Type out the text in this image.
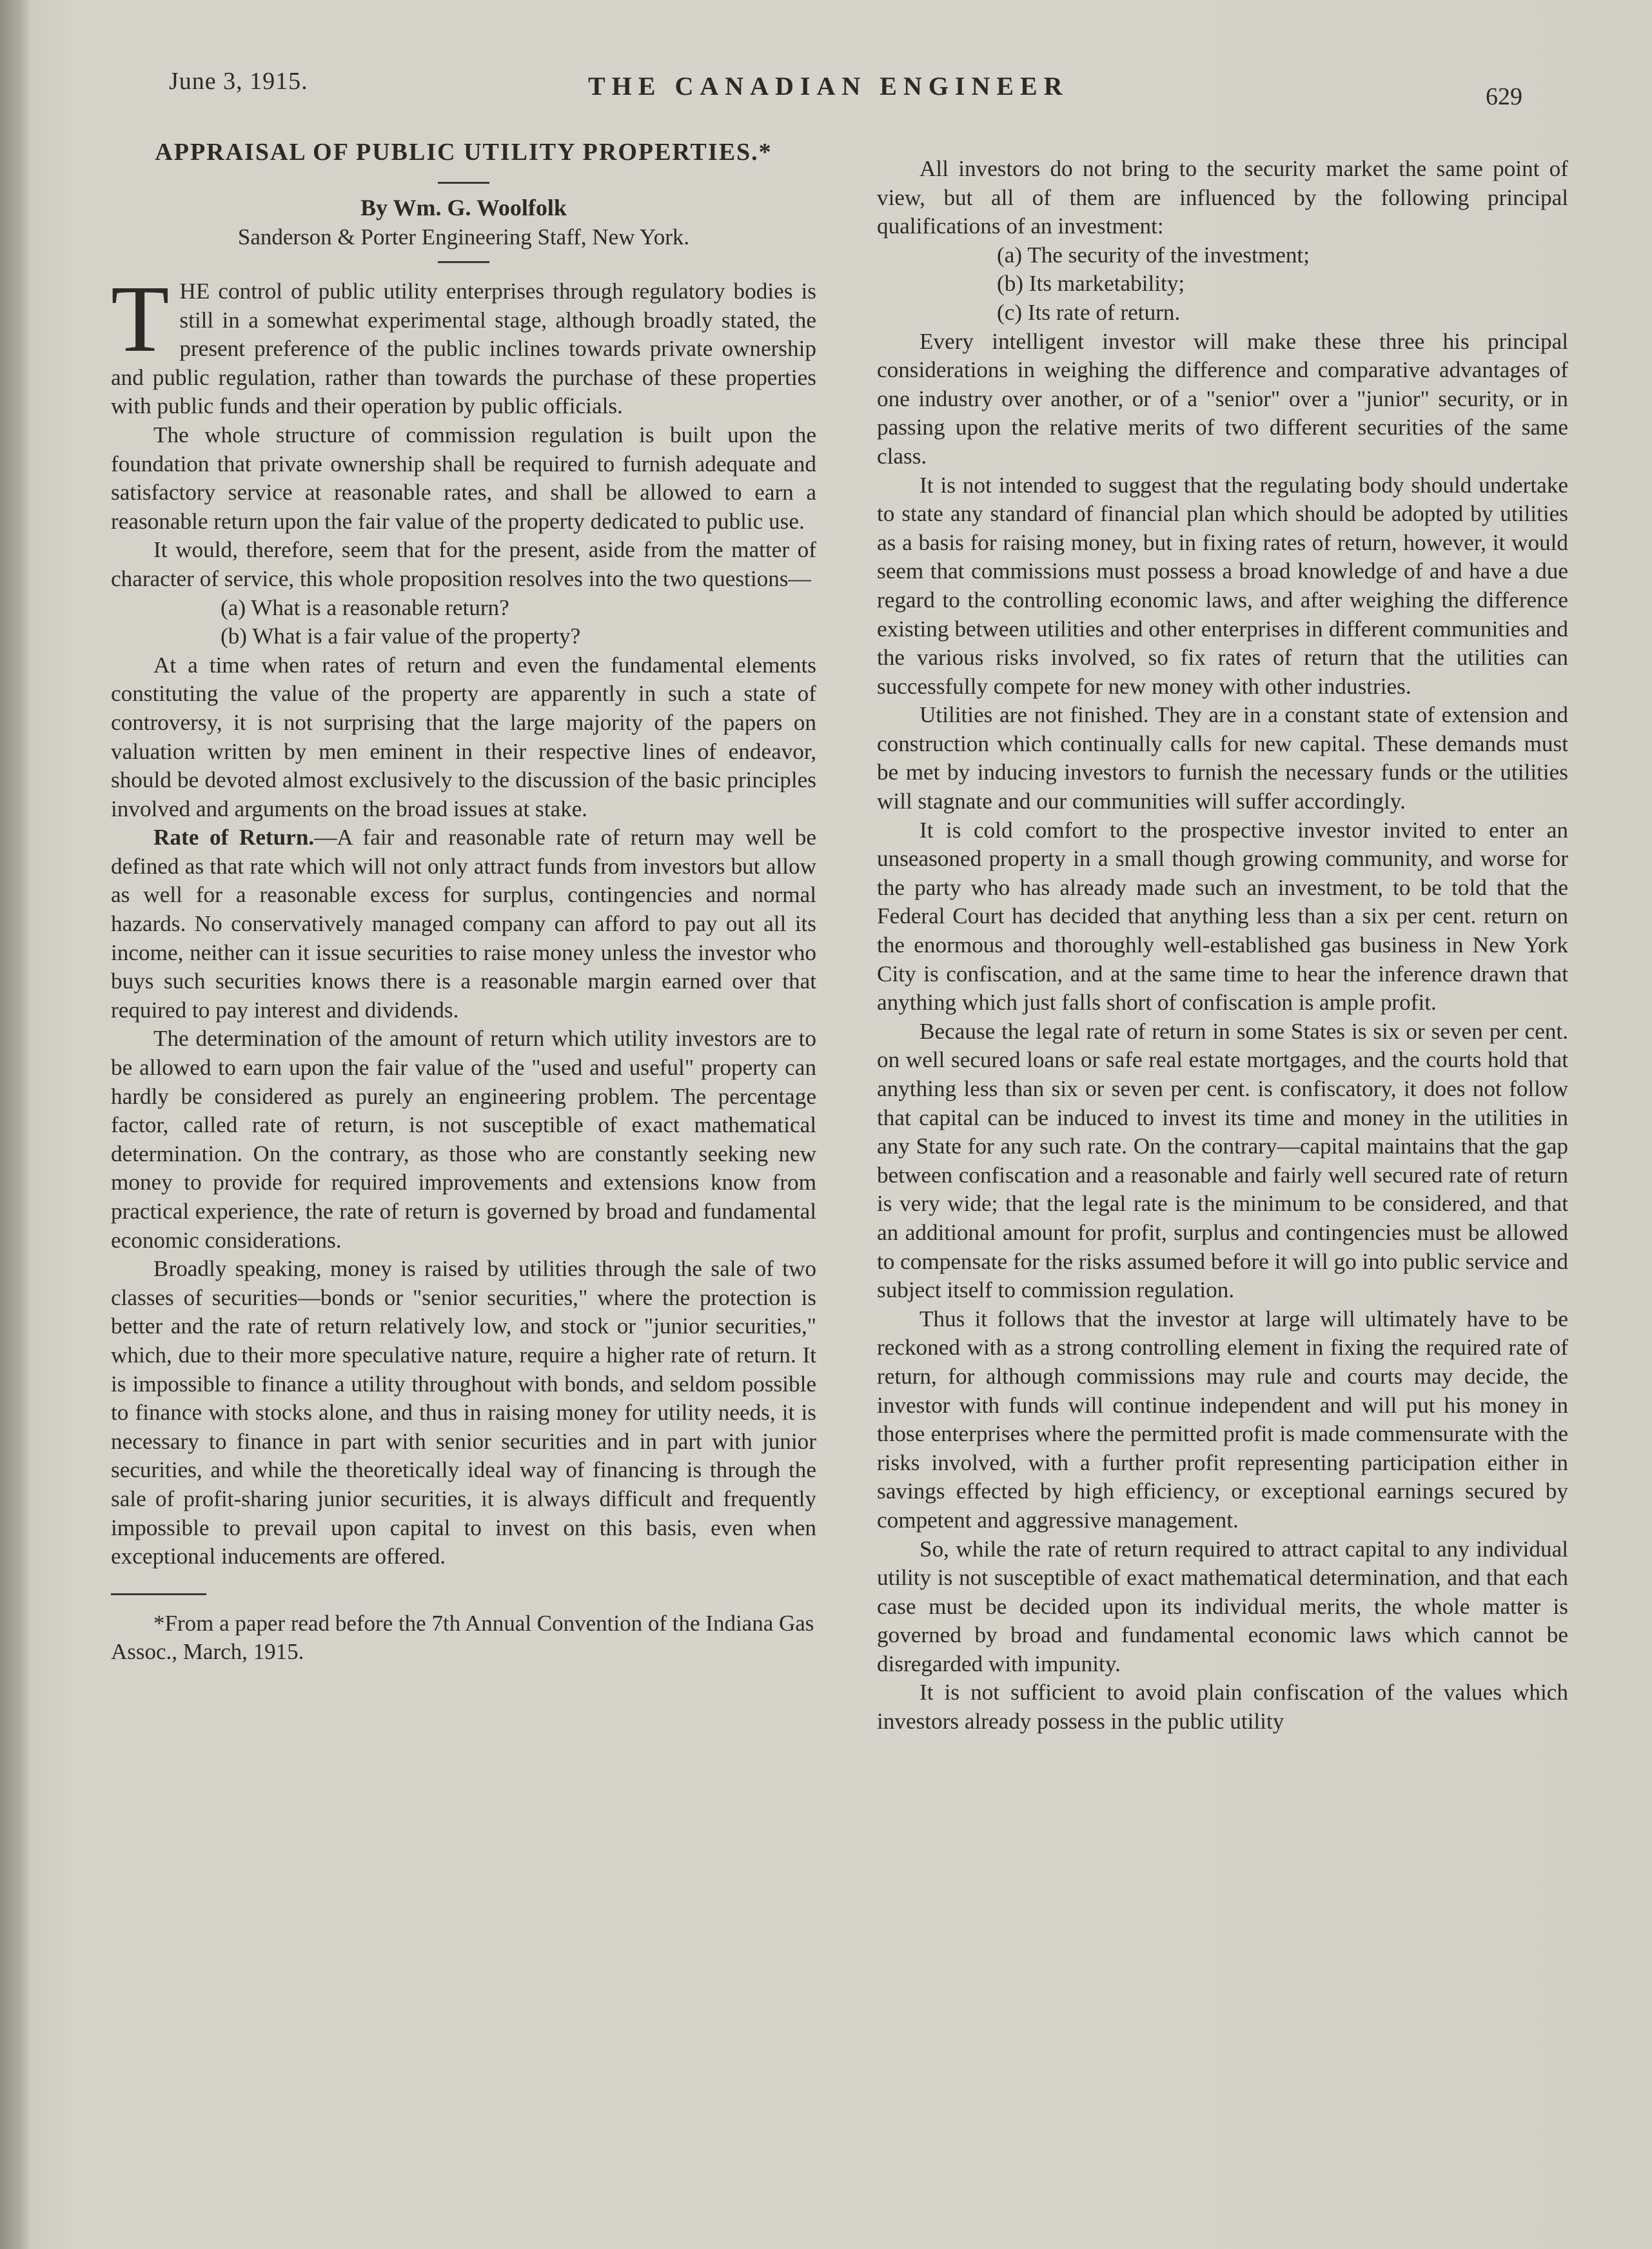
June 3, 1915.	THE CANADIAN ENGINEER	629
APPRAISAL OF PUBLIC UTILITY PROPERTIES.*
By Wm. G. Woolfolk
Sanderson & Porter Engineering Staff, New York.

THE control of public utility enterprises through regulatory bodies is still in a somewhat experimental stage, although broadly stated, the present preference of the public inclines towards private ownership and public regulation, rather than towards the purchase of these properties with public funds and their operation by public officials.

The whole structure of commission regulation is built upon the foundation that private ownership shall be required to furnish adequate and satisfactory service at reasonable rates, and shall be allowed to earn a reasonable return upon the fair value of the property dedicated to public use.

It would, therefore, seem that for the present, aside from the matter of character of service, this whole proposition resolves into the two questions—

(a) What is a reasonable return?

(b) What is a fair value of the property?

At a time when rates of return and even the fundamental elements constituting the value of the property are apparently in such a state of controversy, it is not surprising that the large majority of the papers on valuation written by men eminent in their respective lines of endeavor, should be devoted almost exclusively to the discussion of the basic principles involved and arguments on the broad issues at stake.

Rate of Return.—A fair and reasonable rate of return may well be defined as that rate which will not only attract funds from investors but allow as well for a reasonable excess for surplus, contingencies and normal hazards. No conservatively managed company can afford to pay out all its income, neither can it issue securities to raise money unless the investor who buys such securities knows there is a reasonable margin earned over that required to pay interest and dividends.

The determination of the amount of return which utility investors are to be allowed to earn upon the fair value of the "used and useful" property can hardly be considered as purely an engineering problem. The percentage factor, called rate of return, is not susceptible of exact mathematical determination. On the contrary, as those who are constantly seeking new money to provide for required improvements and extensions know from practical experience, the rate of return is governed by broad and fundamental economic considerations.

Broadly speaking, money is raised by utilities through the sale of two classes of securities—bonds or "senior securities," where the protection is better and the rate of return relatively low, and stock or "junior securities," which, due to their more speculative nature, require a higher rate of return. It is impossible to finance a utility throughout with bonds, and seldom possible to finance with stocks alone, and thus in raising money for utility needs, it is necessary to finance in part with senior securities and in part with junior securities, and while the theoretically ideal way of financing is through the sale of profit-sharing junior securities, it is always difficult and frequently impossible to prevail upon capital to invest on this basis, even when exceptional inducements are offered.

*From a paper read before the 7th Annual Convention of the Indiana Gas Assoc., March, 1915.

All investors do not bring to the security market the same point of view, but all of them are influenced by the following principal qualifications of an investment:

(a) The security of the investment;

(b) Its marketability;

(c) Its rate of return.

Every intelligent investor will make these three his principal considerations in weighing the difference and comparative advantages of one industry over another, or of a "senior" over a "junior" security, or in passing upon the relative merits of two different securities of the same class.

It is not intended to suggest that the regulating body should undertake to state any standard of financial plan which should be adopted by utilities as a basis for raising money, but in fixing rates of return, however, it would seem that commissions must possess a broad knowledge of and have a due regard to the controlling economic laws, and after weighing the difference existing between utilities and other enterprises in different communities and the various risks involved, so fix rates of return that the utilities can successfully compete for new money with other industries.

Utilities are not finished. They are in a constant state of extension and construction which continually calls for new capital. These demands must be met by inducing investors to furnish the necessary funds or the utilities will stagnate and our communities will suffer accordingly.

It is cold comfort to the prospective investor invited to enter an unseasoned property in a small though growing community, and worse for the party who has already made such an investment, to be told that the Federal Court has decided that anything less than a six per cent. return on the enormous and thoroughly well-established gas business in New York City is confiscation, and at the same time to hear the inference drawn that anything which just falls short of confiscation is ample profit.

Because the legal rate of return in some States is six or seven per cent. on well secured loans or safe real estate mortgages, and the courts hold that anything less than six or seven per cent. is confiscatory, it does not follow that capital can be induced to invest its time and money in the utilities in any State for any such rate. On the contrary—capital maintains that the gap between confiscation and a reasonable and fairly well secured rate of return is very wide; that the legal rate is the minimum to be considered, and that an additional amount for profit, surplus and contingencies must be allowed to compensate for the risks assumed before it will go into public service and subject itself to commission regulation.

Thus it follows that the investor at large will ultimately have to be reckoned with as a strong controlling element in fixing the required rate of return, for although commissions may rule and courts may decide, the investor with funds will continue independent and will put his money in those enterprises where the permitted profit is made commensurate with the risks involved, with a further profit representing participation either in savings effected by high efficiency, or exceptional earnings secured by competent and aggressive management.

So, while the rate of return required to attract capital to any individual utility is not susceptible of exact mathematical determination, and that each case must be decided upon its individual merits, the whole matter is governed by broad and fundamental economic laws which cannot be disregarded with impunity.

It is not sufficient to avoid plain confiscation of the values which investors already possess in the public utility
